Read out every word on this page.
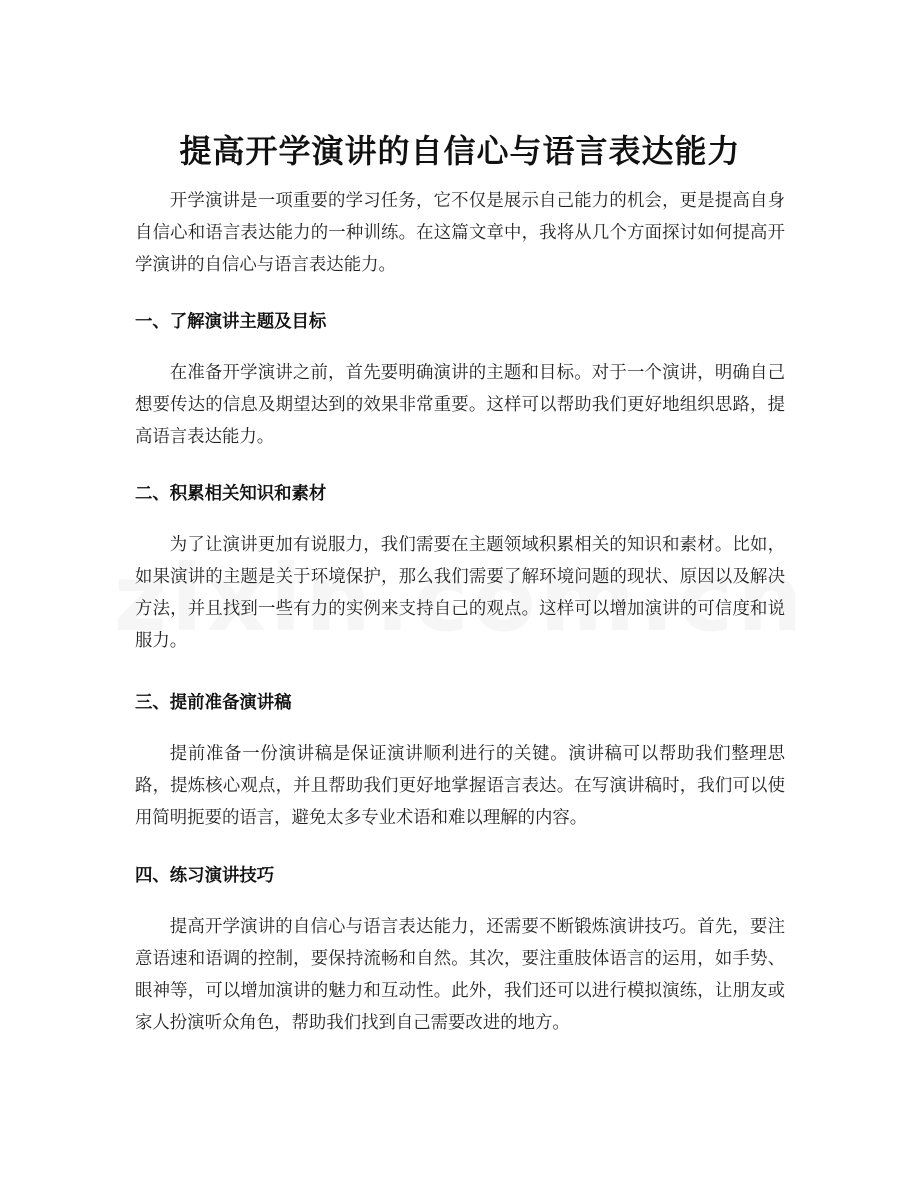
提高开学演讲的自信心与语言表达能力

开学演讲是一项重要的学习任务，它不仅是展示自己能力的机会，更是提高自身自信心和语言表达能力的一种训练。在这篇文章中，我将从几个方面探讨如何提高开学演讲的自信心与语言表达能力。

一、了解演讲主题及目标

在准备开学演讲之前，首先要明确演讲的主题和目标。对于一个演讲，明确自己想要传达的信息及期望达到的效果非常重要。这样可以帮助我们更好地组织思路，提高语言表达能力。

二、积累相关知识和素材

为了让演讲更加有说服力，我们需要在主题领域积累相关的知识和素材。比如，如果演讲的主题是关于环境保护，那么我们需要了解环境问题的现状、原因以及解决方法，并且找到一些有力的实例来支持自己的观点。这样可以增加演讲的可信度和说服力。

三、提前准备演讲稿

提前准备一份演讲稿是保证演讲顺利进行的关键。演讲稿可以帮助我们整理思路，提炼核心观点，并且帮助我们更好地掌握语言表达。在写演讲稿时，我们可以使用简明扼要的语言，避免太多专业术语和难以理解的内容。

四、练习演讲技巧

提高开学演讲的自信心与语言表达能力，还需要不断锻炼演讲技巧。首先，要注意语速和语调的控制，要保持流畅和自然。其次，要注重肢体语言的运用，如手势、眼神等，可以增加演讲的魅力和互动性。此外，我们还可以进行模拟演练，让朋友或家人扮演听众角色，帮助我们找到自己需要改进的地方。
